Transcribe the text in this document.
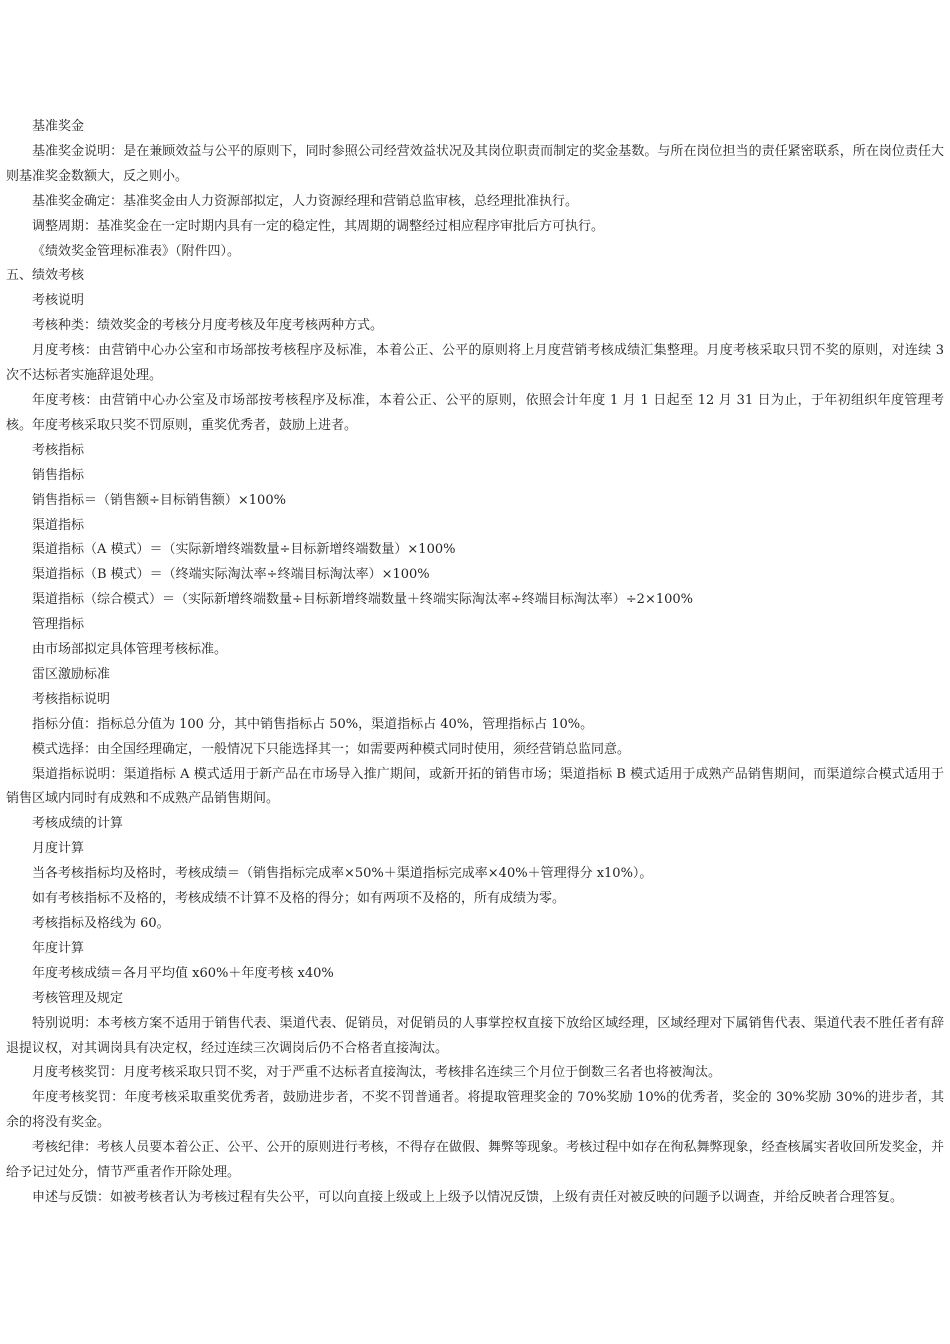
基准奖金

基准奖金说明：是在兼顾效益与公平的原则下，同时参照公司经营效益状况及其岗位职责而制定的奖金基数。与所在岗位担当的责任紧密联系，所在岗位责任大则基准奖金数额大，反之则小。

基准奖金确定：基准奖金由人力资源部拟定，人力资源经理和营销总监审核，总经理批准执行。

调整周期：基准奖金在一定时期内具有一定的稳定性，其周期的调整经过相应程序审批后方可执行。

《绩效奖金管理标准表》（附件四）。

五、绩效考核

考核说明

考核种类：绩效奖金的考核分月度考核及年度考核两种方式。

月度考核：由营销中心办公室和市场部按考核程序及标准，本着公正、公平的原则将上月度营销考核成绩汇集整理。月度考核采取只罚不奖的原则，对连续 3 次不达标者实施辞退处理。

年度考核：由营销中心办公室及市场部按考核程序及标准，本着公正、公平的原则，依照会计年度 1 月 1 日起至 12 月 31 日为止，于年初组织年度管理考核。年度考核采取只奖不罚原则，重奖优秀者，鼓励上进者。

考核指标

销售指标

销售指标＝（销售额÷目标销售额）×100%

渠道指标

渠道指标（A 模式）＝（实际新增终端数量÷目标新增终端数量）×100%

渠道指标（B 模式）＝（终端实际淘汰率÷终端目标淘汰率）×100%

渠道指标（综合模式）＝（实际新增终端数量÷目标新增终端数量＋终端实际淘汰率÷终端目标淘汰率）÷2×100%

管理指标

由市场部拟定具体管理考核标准。

雷区激励标准

考核指标说明

指标分值：指标总分值为 100 分，其中销售指标占 50%，渠道指标占 40%，管理指标占 10%。

模式选择：由全国经理确定，一般情况下只能选择其一；如需要两种模式同时使用，须经营销总监同意。

渠道指标说明：渠道指标 A 模式适用于新产品在市场导入推广期间，或新开拓的销售市场；渠道指标 B 模式适用于成熟产品销售期间，而渠道综合模式适用于销售区域内同时有成熟和不成熟产品销售期间。

考核成绩的计算

月度计算

当各考核指标均及格时，考核成绩＝（销售指标完成率×50%＋渠道指标完成率×40%＋管理得分 x10%）。

如有考核指标不及格的，考核成绩不计算不及格的得分；如有两项不及格的，所有成绩为零。

考核指标及格线为 60。

年度计算

年度考核成绩＝各月平均值 x60%＋年度考核 x40%

考核管理及规定

特别说明：本考核方案不适用于销售代表、渠道代表、促销员，对促销员的人事掌控权直接下放给区域经理，区域经理对下属销售代表、渠道代表不胜任者有辞退提议权，对其调岗具有决定权，经过连续三次调岗后仍不合格者直接淘汰。

月度考核奖罚：月度考核采取只罚不奖，对于严重不达标者直接淘汰，考核排名连续三个月位于倒数三名者也将被淘汰。

年度考核奖罚：年度考核采取重奖优秀者，鼓励进步者，不奖不罚普通者。将提取管理奖金的 70%奖励 10%的优秀者，奖金的 30%奖励 30%的进步者，其余的将没有奖金。

考核纪律：考核人员要本着公正、公平、公开的原则进行考核，不得存在做假、舞弊等现象。考核过程中如存在徇私舞弊现象，经查核属实者收回所发奖金，并给予记过处分，情节严重者作开除处理。

申述与反馈：如被考核者认为考核过程有失公平，可以向直接上级或上上级予以情况反馈，上级有责任对被反映的问题予以调查，并给反映者合理答复。
